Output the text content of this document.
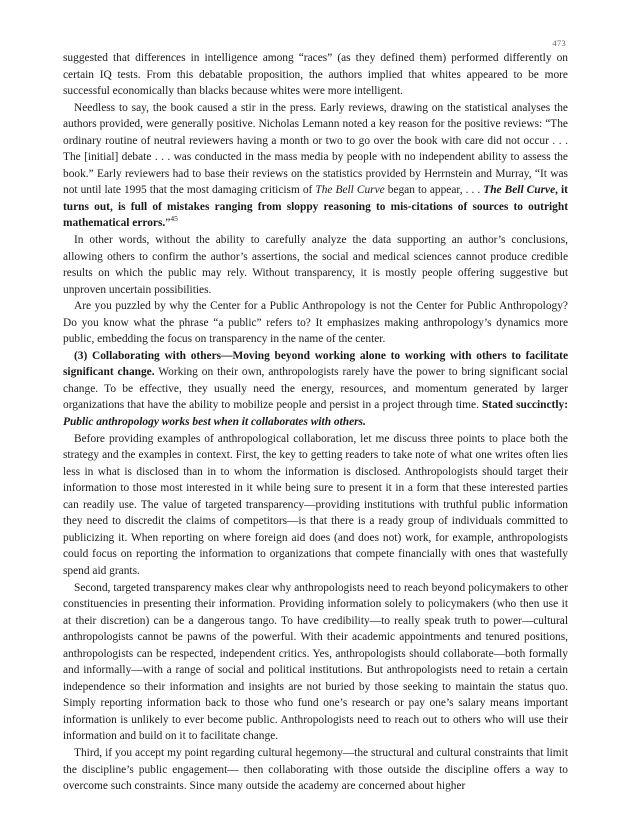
473

suggested that differences in intelligence among “races” (as they defined them) performed differently on certain IQ tests. From this debatable proposition, the authors implied that whites appeared to be more successful economically than blacks because whites were more intelligent.

Needless to say, the book caused a stir in the press. Early reviews, drawing on the statistical analyses the authors provided, were generally positive. Nicholas Lemann noted a key reason for the positive reviews: “The ordinary routine of neutral reviewers having a month or two to go over the book with care did not occur . . . The [initial] debate . . . was conducted in the mass media by people with no independent ability to assess the book.” Early reviewers had to base their reviews on the statistics provided by Herrnstein and Murray, “It was not until late 1995 that the most damaging criticism of The Bell Curve began to appear, . . . The Bell Curve, it turns out, is full of mistakes ranging from sloppy reasoning to mis-citations of sources to outright mathematical errors.”$^{45}$

In other words, without the ability to carefully analyze the data supporting an author’s conclusions, allowing others to confirm the author’s assertions, the social and medical sciences cannot produce credible results on which the public may rely. Without transparency, it is mostly people offering suggestive but unproven uncertain possibilities.

Are you puzzled by why the Center for a Public Anthropology is not the Center for Public Anthropology? Do you know what the phrase “a public” refers to? It emphasizes making anthropology’s dynamics more public, embedding the focus on transparency in the name of the center.

(3) Collaborating with others—Moving beyond working alone to working with others to facilitate significant change. Working on their own, anthropologists rarely have the power to bring significant social change. To be effective, they usually need the energy, resources, and momentum generated by larger organizations that have the ability to mobilize people and persist in a project through time. Stated succinctly: Public anthropology works best when it collaborates with others.

Before providing examples of anthropological collaboration, let me discuss three points to place both the strategy and the examples in context. First, the key to getting readers to take note of what one writes often lies less in what is disclosed than in to whom the information is disclosed. Anthropologists should target their information to those most interested in it while being sure to present it in a form that these interested parties can readily use. The value of targeted transparency—providing institutions with truthful public information they need to discredit the claims of competitors—is that there is a ready group of individuals committed to publicizing it. When reporting on where foreign aid does (and does not) work, for example, anthropologists could focus on reporting the information to organizations that compete financially with ones that wastefully spend aid grants.

Second, targeted transparency makes clear why anthropologists need to reach beyond policymakers to other constituencies in presenting their information. Providing information solely to policymakers (who then use it at their discretion) can be a dangerous tango. To have credibility—to really speak truth to power—cultural anthropologists cannot be pawns of the powerful. With their academic appointments and tenured positions, anthropologists can be respected, independent critics. Yes, anthropologists should collaborate—both formally and informally—with a range of social and political institutions. But anthropologists need to retain a certain independence so their information and insights are not buried by those seeking to maintain the status quo. Simply reporting information back to those who fund one’s research or pay one’s salary means important information is unlikely to ever become public. Anthropologists need to reach out to others who will use their information and build on it to facilitate change.

Third, if you accept my point regarding cultural hegemony—the structural and cultural constraints that limit the discipline’s public engagement— then collaborating with those outside the discipline offers a way to overcome such constraints. Since many outside the academy are concerned about higher
